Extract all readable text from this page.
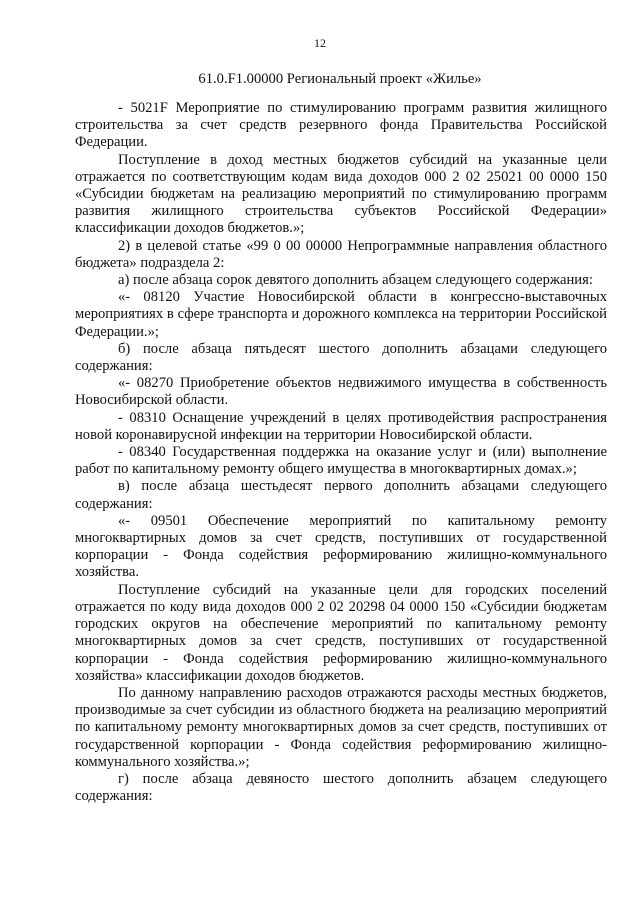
12
61.0.F1.00000 Региональный проект «Жилье»

- 5021F Мероприятие по стимулированию программ развития жилищного строительства за счет средств резервного фонда Правительства Российской Федерации.

Поступление в доход местных бюджетов субсидий на указанные цели отражается по соответствующим кодам вида доходов 000 2 02 25021 00 0000 150 «Субсидии бюджетам на реализацию мероприятий по стимулированию программ развития жилищного строительства субъектов Российской Федерации» классификации доходов бюджетов.»;

2) в целевой статье «99 0 00 00000 Непрограммные направления областного бюджета» подраздела 2:

а) после абзаца сорок девятого дополнить абзацем следующего содержания:

«- 08120 Участие Новосибирской области в конгрессно-выставочных мероприятиях в сфере транспорта и дорожного комплекса на территории Российской Федерации.»;

б) после абзаца пятьдесят шестого дополнить абзацами следующего содержания:

«- 08270 Приобретение объектов недвижимого имущества в собственность Новосибирской области.

- 08310 Оснащение учреждений в целях противодействия распространения новой коронавирусной инфекции на территории Новосибирской области.

- 08340 Государственная поддержка на оказание услуг и (или) выполнение работ по капитальному ремонту общего имущества в многоквартирных домах.»;

в) после абзаца шестьдесят первого дополнить абзацами следующего содержания:

«- 09501 Обеспечение мероприятий по капитальному ремонту многоквартирных домов за счет средств, поступивших от государственной корпорации - Фонда содействия реформированию жилищно-коммунального хозяйства.

Поступление субсидий на указанные цели для городских поселений отражается по коду вида доходов 000 2 02 20298 04 0000 150 «Субсидии бюджетам городских округов на обеспечение мероприятий по капитальному ремонту многоквартирных домов за счет средств, поступивших от государственной корпорации - Фонда содействия реформированию жилищно-коммунального хозяйства» классификации доходов бюджетов.

По данному направлению расходов отражаются расходы местных бюджетов, производимые за счет субсидии из областного бюджета на реализацию мероприятий по капитальному ремонту многоквартирных домов за счет средств, поступивших от государственной корпорации - Фонда содействия реформированию жилищно-коммунального хозяйства.»;

г) после абзаца девяносто шестого дополнить абзацем следующего содержания:
